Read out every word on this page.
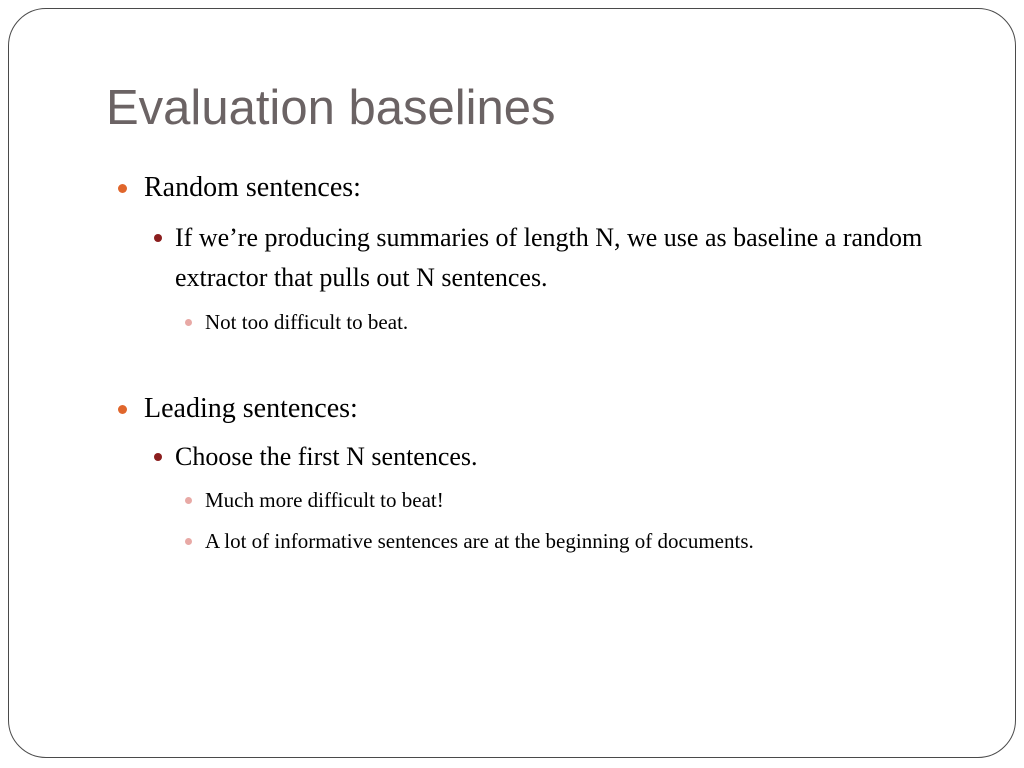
Evaluation baselines
Random sentences:
If we’re producing summaries of length N, we use as baseline a random extractor that pulls out N sentences.
Not too difficult to beat.
Leading sentences:
Choose the first N sentences.
Much more difficult to beat!
A lot of informative sentences are at the beginning of documents.
